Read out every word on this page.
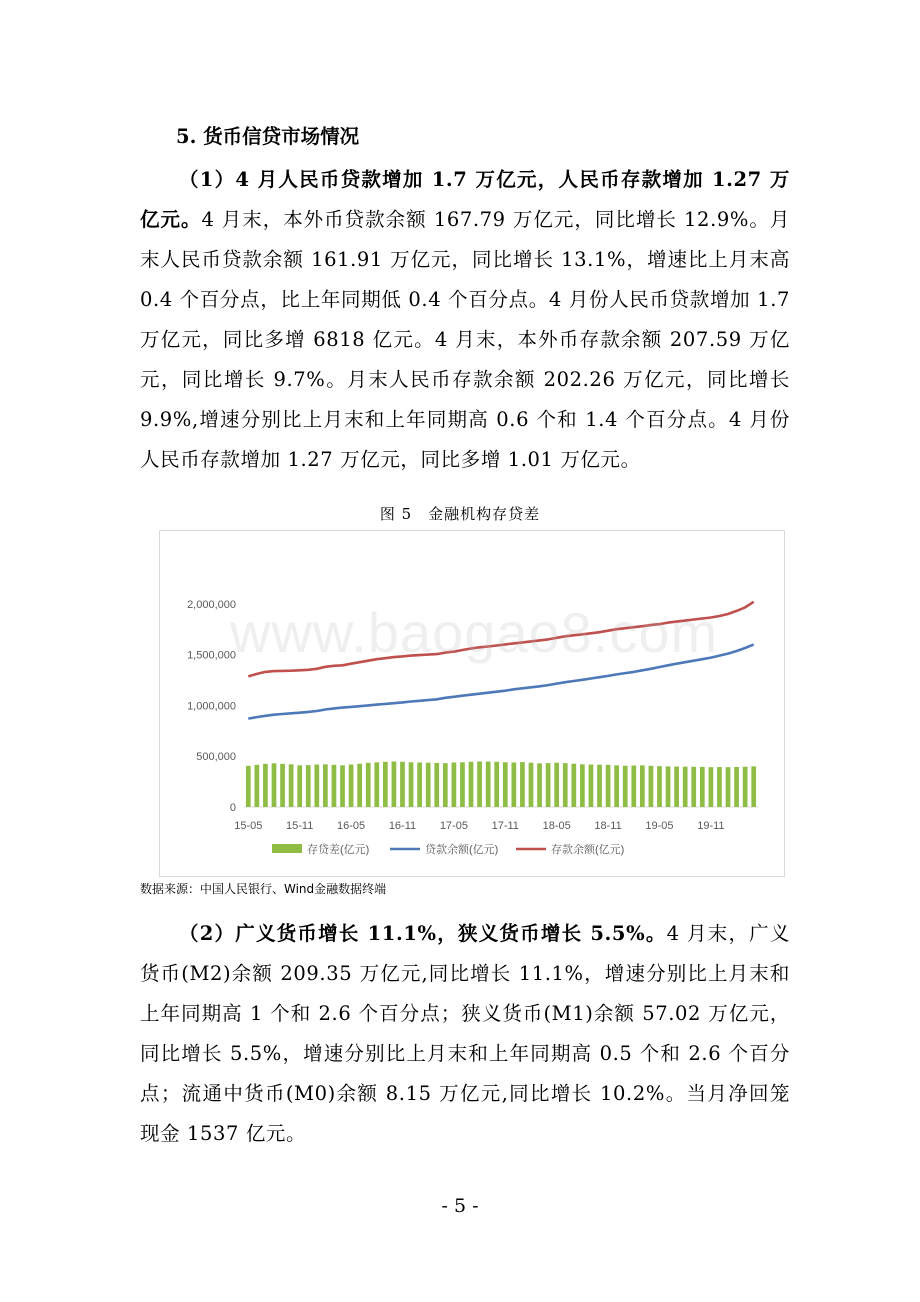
5. 货币信贷市场情况

（1）4 月人民币贷款增加 1.7 万亿元，人民币存款增加 1.27 万亿元。4 月末，本外币贷款余额 167.79 万亿元，同比增长 12.9%。月末人民币贷款余额 161.91 万亿元，同比增长 13.1%，增速比上月末高 0.4 个百分点，比上年同期低 0.4 个百分点。4 月份人民币贷款增加 1.7 万亿元，同比多增 6818 亿元。4 月末，本外币存款余额 207.59 万亿元，同比增长 9.7%。月末人民币存款余额 202.26 万亿元，同比增长 9.9%,增速分别比上月末和上年同期高 0.6 个和 1.4 个百分点。4 月份人民币存款增加 1.27 万亿元，同比多增 1.01 万亿元。

图 5　金融机构存贷差
0
500,000
1,000,000
1,500,000
2,000,000
15-05 15-11 16-05 16-11 17-05 17-11 18-05 18-11 19-05 19-11
存贷差(亿元)	贷款余额(亿元)	存款余额(亿元)
www.baogao8.com
数据来源：中国人民银行、Wind金融数据终端

（2）广义货币增长 11.1%，狭义货币增长 5.5%。4 月末，广义货币(M2)余额 209.35 万亿元,同比增长 11.1%，增速分别比上月末和上年同期高 1 个和 2.6 个百分点；狭义货币(M1)余额 57.02 万亿元，同比增长 5.5%，增速分别比上月末和上年同期高 0.5 个和 2.6 个百分点；流通中货币(M0)余额 8.15 万亿元,同比增长 10.2%。当月净回笼现金 1537 亿元。

- 5 -
